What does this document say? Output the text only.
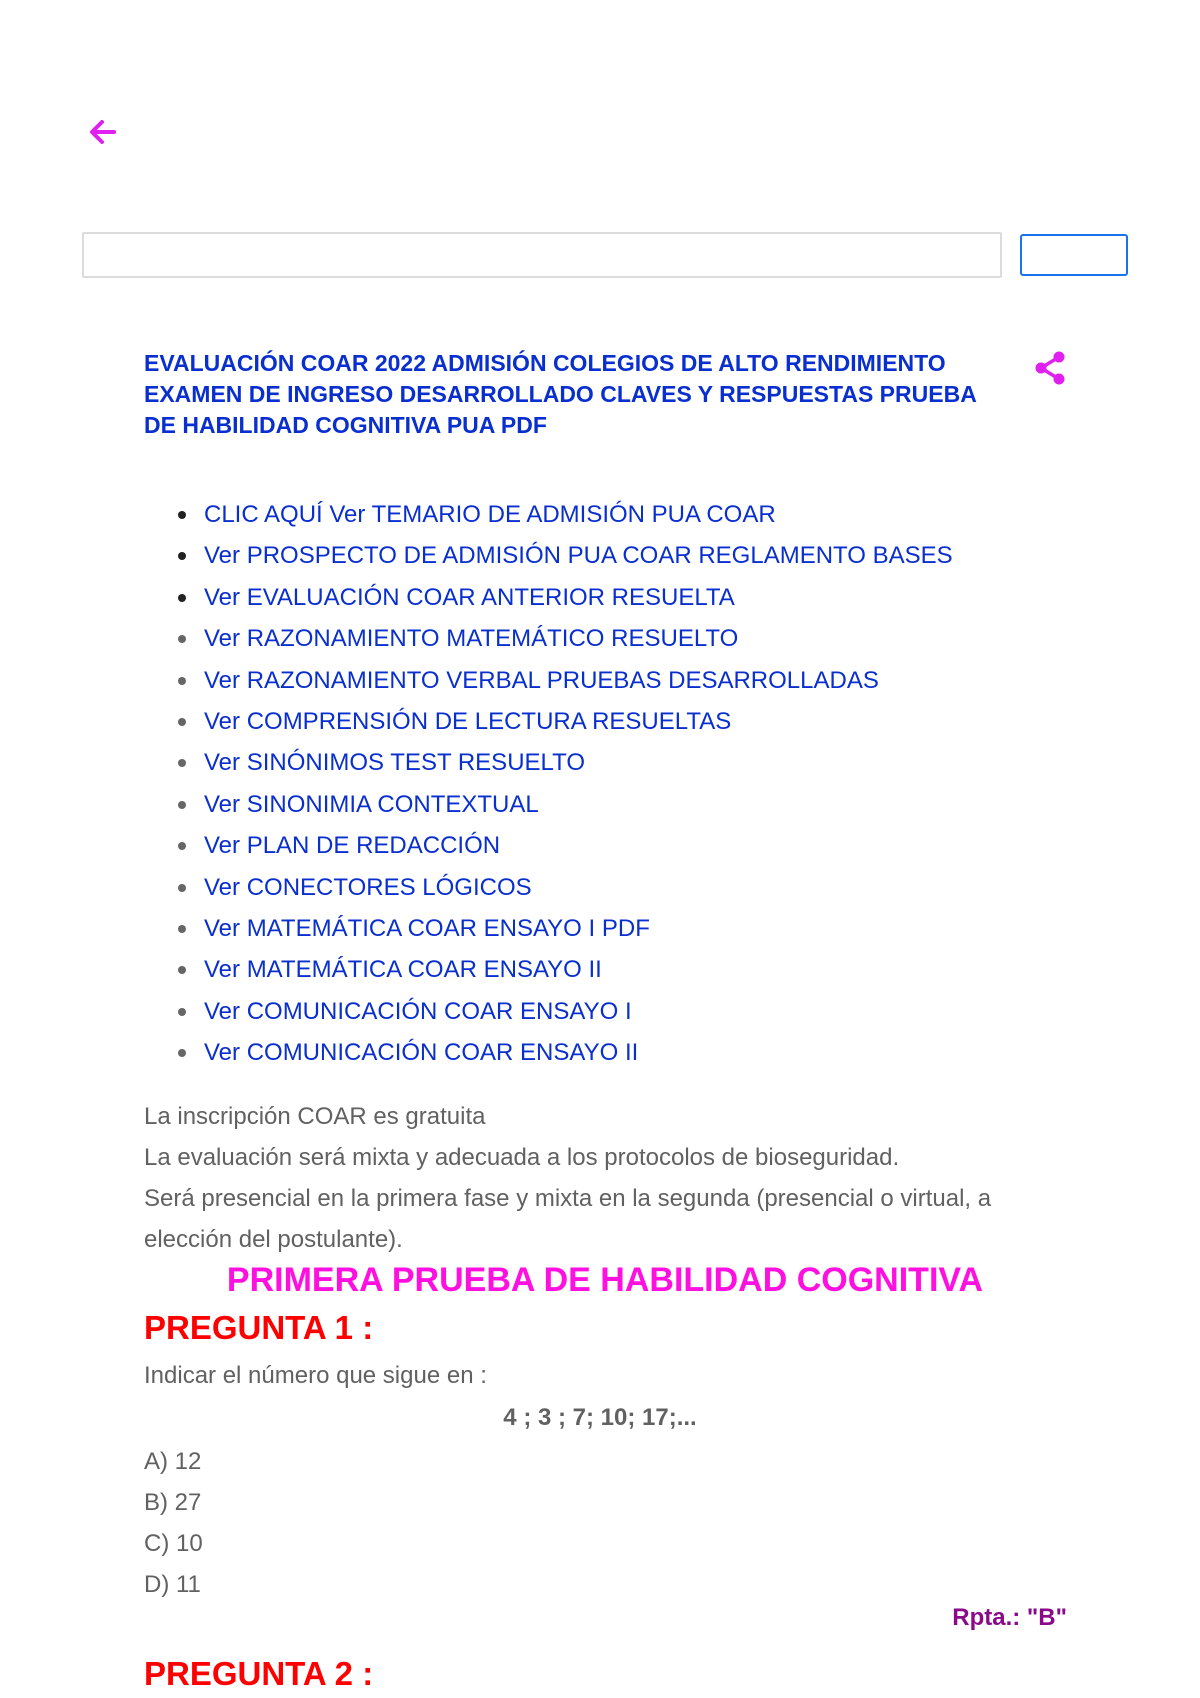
EVALUACIÓN COAR 2022 ADMISIÓN COLEGIOS DE ALTO RENDIMIENTO EXAMEN DE INGRESO DESARROLLADO CLAVES Y RESPUESTAS PRUEBA DE HABILIDAD COGNITIVA PUA PDF
CLIC AQUÍ Ver TEMARIO DE ADMISIÓN PUA COAR
Ver PROSPECTO DE ADMISIÓN PUA COAR REGLAMENTO BASES
Ver EVALUACIÓN COAR ANTERIOR RESUELTA
Ver RAZONAMIENTO MATEMÁTICO RESUELTO
Ver RAZONAMIENTO VERBAL PRUEBAS DESARROLLADAS
Ver COMPRENSIÓN DE LECTURA RESUELTAS
Ver SINÓNIMOS TEST RESUELTO
Ver SINONIMIA CONTEXTUAL
Ver PLAN DE REDACCIÓN
Ver CONECTORES LÓGICOS
Ver MATEMÁTICA COAR ENSAYO I PDF
Ver MATEMÁTICA COAR ENSAYO II
Ver COMUNICACIÓN COAR ENSAYO I
Ver COMUNICACIÓN COAR ENSAYO II

La inscripción COAR es gratuita

La evaluación será mixta y adecuada a los protocolos de bioseguridad.

Será presencial en la primera fase y mixta en la segunda (presencial o virtual, a elección del postulante).

PRIMERA PRUEBA DE HABILIDAD COGNITIVA
PREGUNTA 1 :

Indicar el número que sigue en :

4 ; 3 ; 7; 10; 17;...

A) 12
B) 27
C) 10
D) 11

Rpta.: "B"

PREGUNTA 2 :
